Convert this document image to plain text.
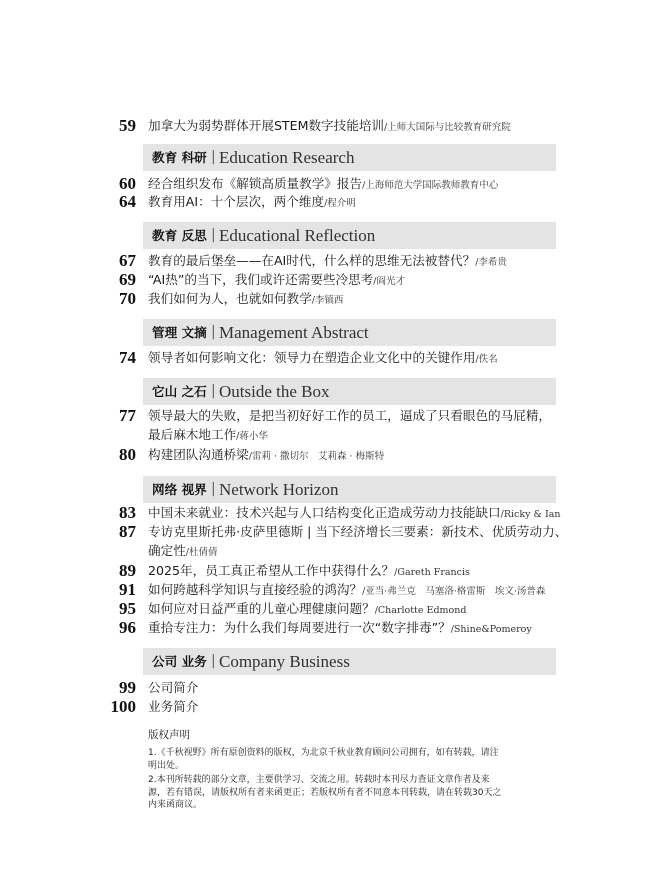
59 加拿大为弱势群体开展STEM数字技能培训/上师大国际与比较教育研究院
教育 科研 | Education Research
60 经合组织发布《解锁高质量教学》报告/上海师范大学国际教师教育中心
64 教育用AI：十个层次，两个维度/程介明
教育 反思 | Educational Reflection
67 教育的最后堡垒——在AI时代，什么样的思维无法被替代？/李希贵
69 “AI热”的当下，我们或许还需要些冷思考/阎光才
70 我们如何为人，也就如何教学/李镇西
管理 文摘 | Management Abstract
74 领导者如何影响文化：领导力在塑造企业文化中的关键作用/佚名
它山 之石 | Outside the Box
77 领导最大的失败，是把当初好好工作的员工，逼成了只看眼色的马屁精，
最后麻木地工作/蒋小华
80 构建团队沟通桥梁/雷莉 · 撒切尔　艾莉森 · 梅斯特
网络 视界 | Network Horizon
83 中国未来就业：技术兴起与人口结构变化正造成劳动力技能缺口/Ricky & Ian
87 专访克里斯托弗·皮萨里德斯 | 当下经济增长三要素：新技术、优质劳动力、
确定性/杜倩倩
89 2025年，员工真正希望从工作中获得什么？/Gareth Francis
91 如何跨越科学知识与直接经验的鸿沟？/亚当·弗兰克　马塞洛·格雷斯　埃文·汤普森
95 如何应对日益严重的儿童心理健康问题？/Charlotte Edmond
96 重拾专注力：为什么我们每周要进行一次“数字排毒”？/Shine&Pomeroy
公司 业务 | Company Business
99 公司简介
100 业务简介
版权声明

1.《千秋视野》所有原创资料的版权，为北京千秋业教育顾问公司拥有，如有转载，请注
明出处。

2.本刊所转载的部分文章，主要供学习、交流之用。转载时本刊尽力查证文章作者及来
源，若有错误，请版权所有者来函更正；若版权所有者不同意本刊转载，请在转载30天之
内来函商议。
